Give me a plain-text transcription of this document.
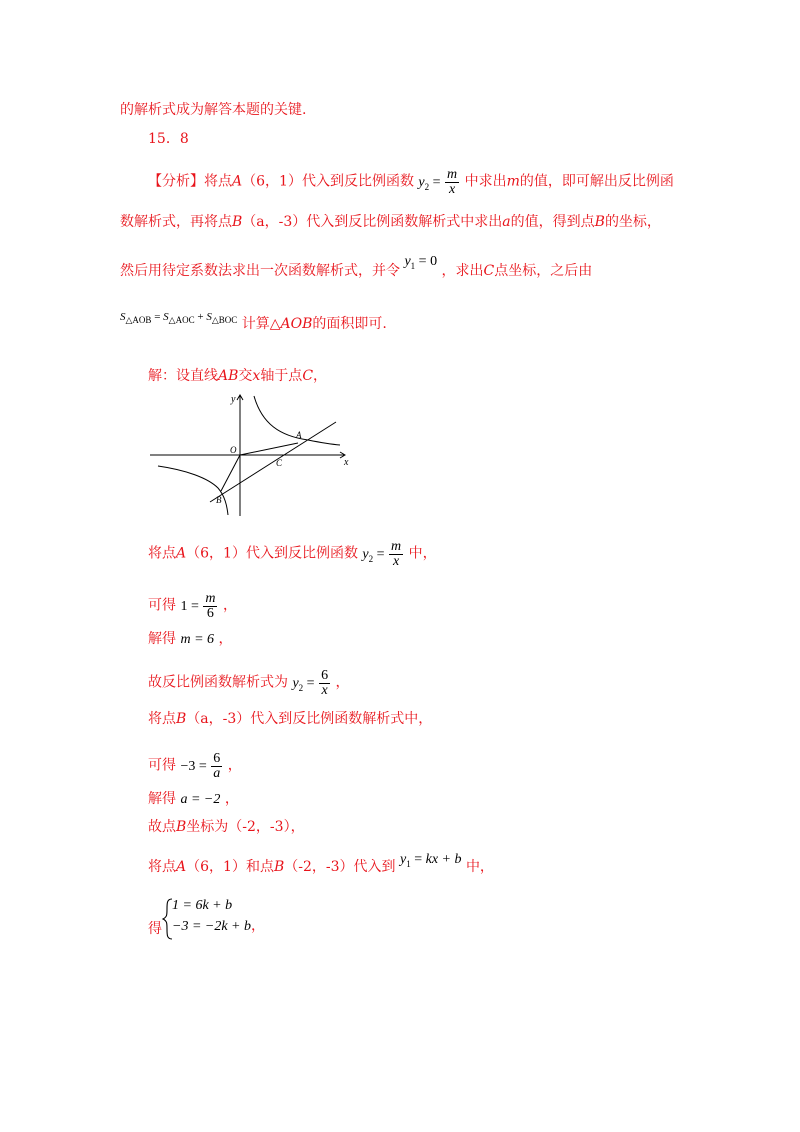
的解析式成为解答本题的关键.
15．8
【分析】将点A（6，1）代入到反比例函数 $y_2 = \frac{m}{x}$ 中求出m的值，即可解出反比例函
数解析式，再将点B（a，-3）代入到反比例函数解析式中求出a的值，得到点B的坐标，
然后用待定系数法求出一次函数解析式，并令 $y_1 = 0$ ，求出C点坐标，之后由
$^{S_{\triangle AOB} = S_{\triangle AOC} + S_{\triangle BOC}}$ 计算△AOB的面积即可.
解：设直线AB交x轴于点C，
y
x
O
A
C
B
将点A（6，1）代入到反比例函数 $y_2 = \frac{m}{x}$ 中，
可得 $1 = \frac{m}{6}$ ，
解得 m = 6 ，
故反比例函数解析式为 $y_2 = \frac{6}{x}$ ，
将点B（a，-3）代入到反比例函数解析式中，
可得 $-3 = \frac{6}{a}$ ，
解得 a = −2 ，
故点B坐标为（-2，-3），
将点A（6，1）和点B（-2，-3）代入到 $y_1$ = kx + b 中，
得
1 = 6k + b
−3 = −2k + b，
